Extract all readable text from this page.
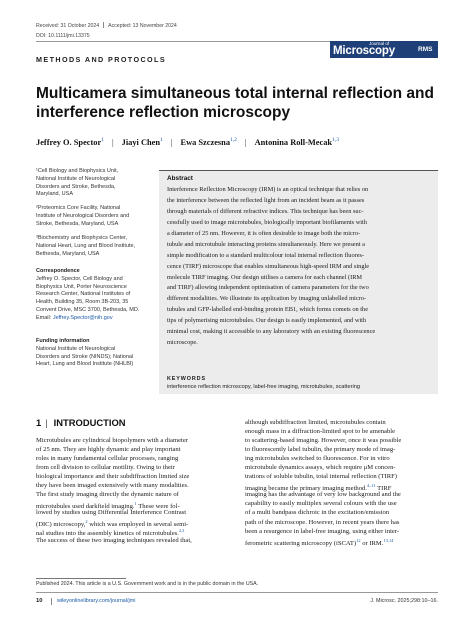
Received: 31 October 2024 Accepted: 13 November 2024
DOI: 10.1111/jmi.13375
Journal of
Microscopy	RMS
METHODS AND PROTOCOLS
Multicamera simultaneous total internal reflection and interference reflection microscopy
Jeffrey O. Spector$^1$ | Jiayi Chen$^1$ | Ewa Szczesna$^{1,2}$ | Antonina Roll-Mecak$^{1,3}$
¹Cell Biology and Biophysics Unit,
National Institute of Neurological
Disorders and Stroke, Bethesda,
Maryland, USA
²Proteomics Core Facility, National
Institute of Neurological Disorders and
Stroke, Bethesda, Maryland, USA
³Biochemistry and Biophysics Center,
National Heart, Lung and Blood Institute,
Bethesda, Maryland, USA
Correspondence
Jeffrey O. Spector, Cell Biology and
Biophysics Unit, Porter Neuroscience
Research Center, National Institutes of
Health, Building 35, Room 3B-203, 35
Convent Drive, MSC 3700, Bethesda, MD.
Email: Jeffrey.Spector@nih.gov
Funding information
National Institute of Neurological
Disorders and Stroke (NINDS); National
Heart, Lung and Blood Institute (NHLBI)
Abstract
Interference Reflection Microscopy (IRM) is an optical technique that relies on
the interference between the reflected light from an incident beam as it passes
through materials of different refractive indices. This technique has been suc-
cessfully used to image microtubules, biologically important biofilaments with
a diameter of 25 nm. However, it is often desirable to image both the micro-
tubule and microtubule interacting proteins simultaneously. Here we present a
simple modification to a standard multicolour total internal reflection fluores-
cence (TIRF) microscope that enables simultaneous high-speed IRM and single
molecule TIRF imaging. Our design utilises a camera for each channel (IRM
and TIRF) allowing independent optimisation of camera parameters for the two
different modalities. We illustrate its application by imaging unlabelled micro-
tubules and GFP-labelled end-binding protein EB1, which forms comets on the
tips of polymerising microtubules. Our design is easily implemented, and with
minimal cost, making it accessible to any laboratory with an existing fluorescence
microscope.
KEYWORDS
interference reflection microscopy, label-free imaging, microtubules, scattering
1 | INTRODUCTION
Microtubules are cylindrical biopolymers with a diameter
of 25 nm. They are highly dynamic and play important
roles in many fundamental cellular processes, ranging
from cell division to cellular motility. Owing to their
biological importance and their subdiffraction limited size
they have been imaged extensively with many modalities.
The first study imaging directly the dynamic nature of
microtubules used darkfield imaging.$^1$ These were fol-
lowed by studies using Differential Interference Contrast
(DIC) microscopy,$^2$ which was employed in several semi-
nal studies into the assembly kinetics of microtubules.$^{2,3}$
The success of these two imaging techniques revealed that,
although subdiffraction limited, microtubules contain
enough mass in a diffraction-limited spot to be amenable
to scattering-based imaging. However, once it was possible
to fluorescently label tubulin, the primary mode of imag-
ing microtubules switched to fluorescence. For in vitro
microtubule dynamics assays, which require μM concen-
trations of soluble tubulin, total internal reflection (TIRF)
imaging became the primary imaging method.$^{4-11}$ TIRF
imaging has the advantage of very low background and the
capability to easily multiplex several colours with the use
of a multi bandpass dichroic in the excitation/emission
path of the microscope. However, in recent years there has
been a resurgence in label-free imaging, using either inter-
ferometric scattering microscopy (iSCAT)$^{12}$ or IRM.$^{13,14}$
Published 2024. This article is a U.S. Government work and is in the public domain in the USA.
10	wileyonlinelibrary.com/journal/jmi	J. Microsc. 2025;298:10–16.
